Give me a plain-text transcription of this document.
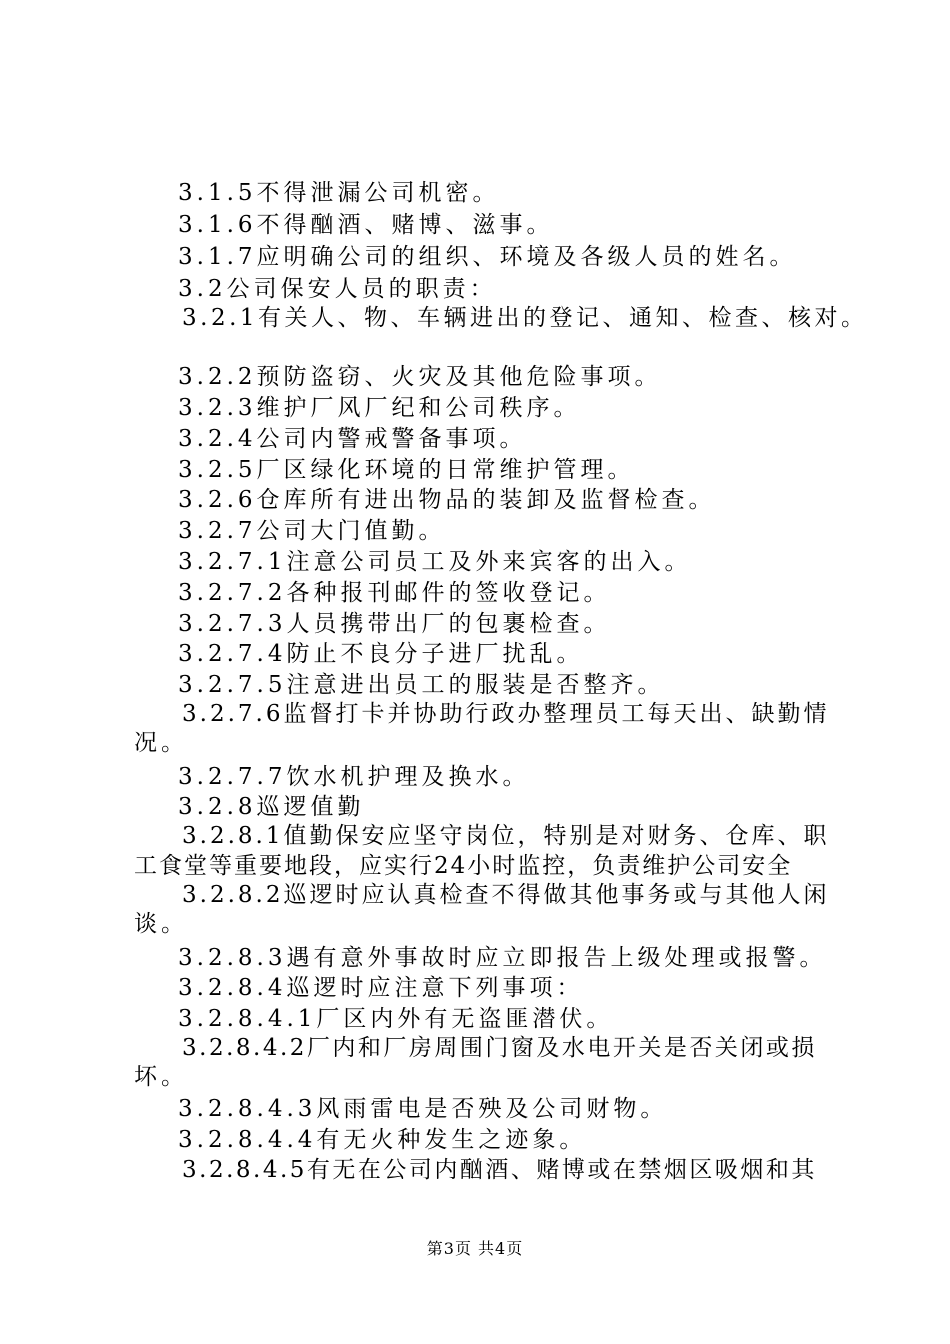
3.1.5不得泄漏公司机密。
3.1.6不得酗酒、赌博、滋事。
3.1.7应明确公司的组织、环境及各级人员的姓名。
3.2公司保安人员的职责：
3.2.1有关人、物、车辆进出的登记、通知、检查、核对。
3.2.2预防盗窃、火灾及其他危险事项。
3.2.3维护厂风厂纪和公司秩序。
3.2.4公司内警戒警备事项。
3.2.5厂区绿化环境的日常维护管理。
3.2.6仓库所有进出物品的装卸及监督检查。
3.2.7公司大门值勤。
3.2.7.1注意公司员工及外来宾客的出入。
3.2.7.2各种报刊邮件的签收登记。
3.2.7.3人员携带出厂的包裹检查。
3.2.7.4防止不良分子进厂扰乱。
3.2.7.5注意进出员工的服装是否整齐。
3.2.7.6监督打卡并协助行政办整理员工每天出、缺勤情
况。
3.2.7.7饮水机护理及换水。
3.2.8巡逻值勤
3.2.8.1值勤保安应坚守岗位，特别是对财务、仓库、职
工食堂等重要地段，应实行24小时监控，负责维护公司安全
3.2.8.2巡逻时应认真检查不得做其他事务或与其他人闲
谈。
3.2.8.3遇有意外事故时应立即报告上级处理或报警。
3.2.8.4巡逻时应注意下列事项：
3.2.8.4.1厂区内外有无盗匪潜伏。
3.2.8.4.2厂内和厂房周围门窗及水电开关是否关闭或损
坏。
3.2.8.4.3风雨雷电是否殃及公司财物。
3.2.8.4.4有无火种发生之迹象。
3.2.8.4.5有无在公司内酗酒、赌博或在禁烟区吸烟和其
第3页 共4页
